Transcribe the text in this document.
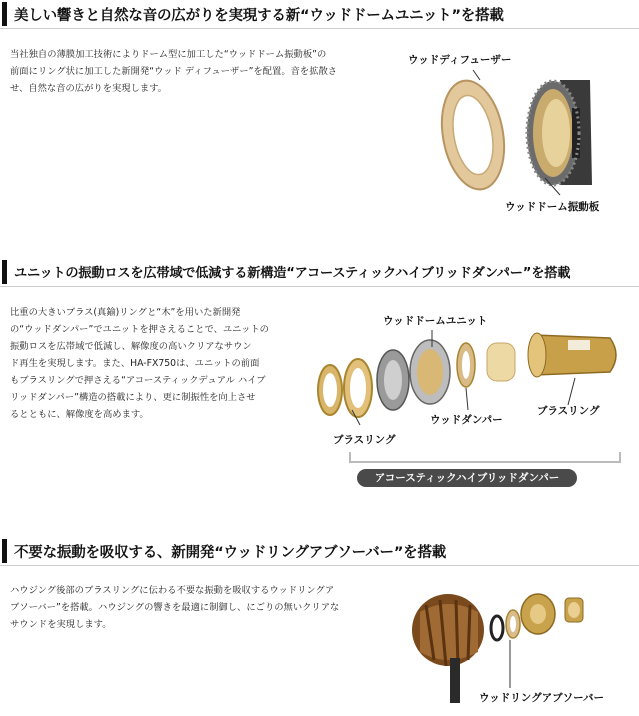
美しい響きと自然な音の広がりを実現する新“ウッドドームユニット”を搭載
当社独自の薄膜加工技術によりドーム型に加工した“ウッドドーム振動板”の
前面にリング状に加工した新開発“ウッド ディフューザー”を配置。音を拡散さ
せ、自然な音の広がりを実現します。
ウッドディフューザー
ウッドドーム振動板
ユニットの振動ロスを広帯域で低減する新構造“アコースティックハイブリッドダンパー”を搭載
比重の大きいブラス(真鍮)リングと“木”を用いた新開発
の“ウッドダンパー”でユニットを押さえることで、ユニットの
振動ロスを広帯域で低減し、解像度の高いクリアなサウン
ド再生を実現します。また、HA-FX750は、ユニットの前面
もブラスリングで押さえる“アコースティックデュアル ハイブ
リッドダンパー”構造の搭載により、更に制振性を向上させ
るとともに、解像度を高めます。
ウッドドームユニット
ブラスリング
ウッドダンパー
ブラスリング
アコースティックハイブリッドダンパー
不要な振動を吸収する、新開発“ウッドリングアブソーバー”を搭載
ハウジング後部のブラスリングに伝わる不要な振動を吸収するウッドリングア
ブソーバー”を搭載。ハウジングの響きを最適に制御し、にごりの無いクリアな
サウンドを実現します。
ウッドリングアブソーバー
